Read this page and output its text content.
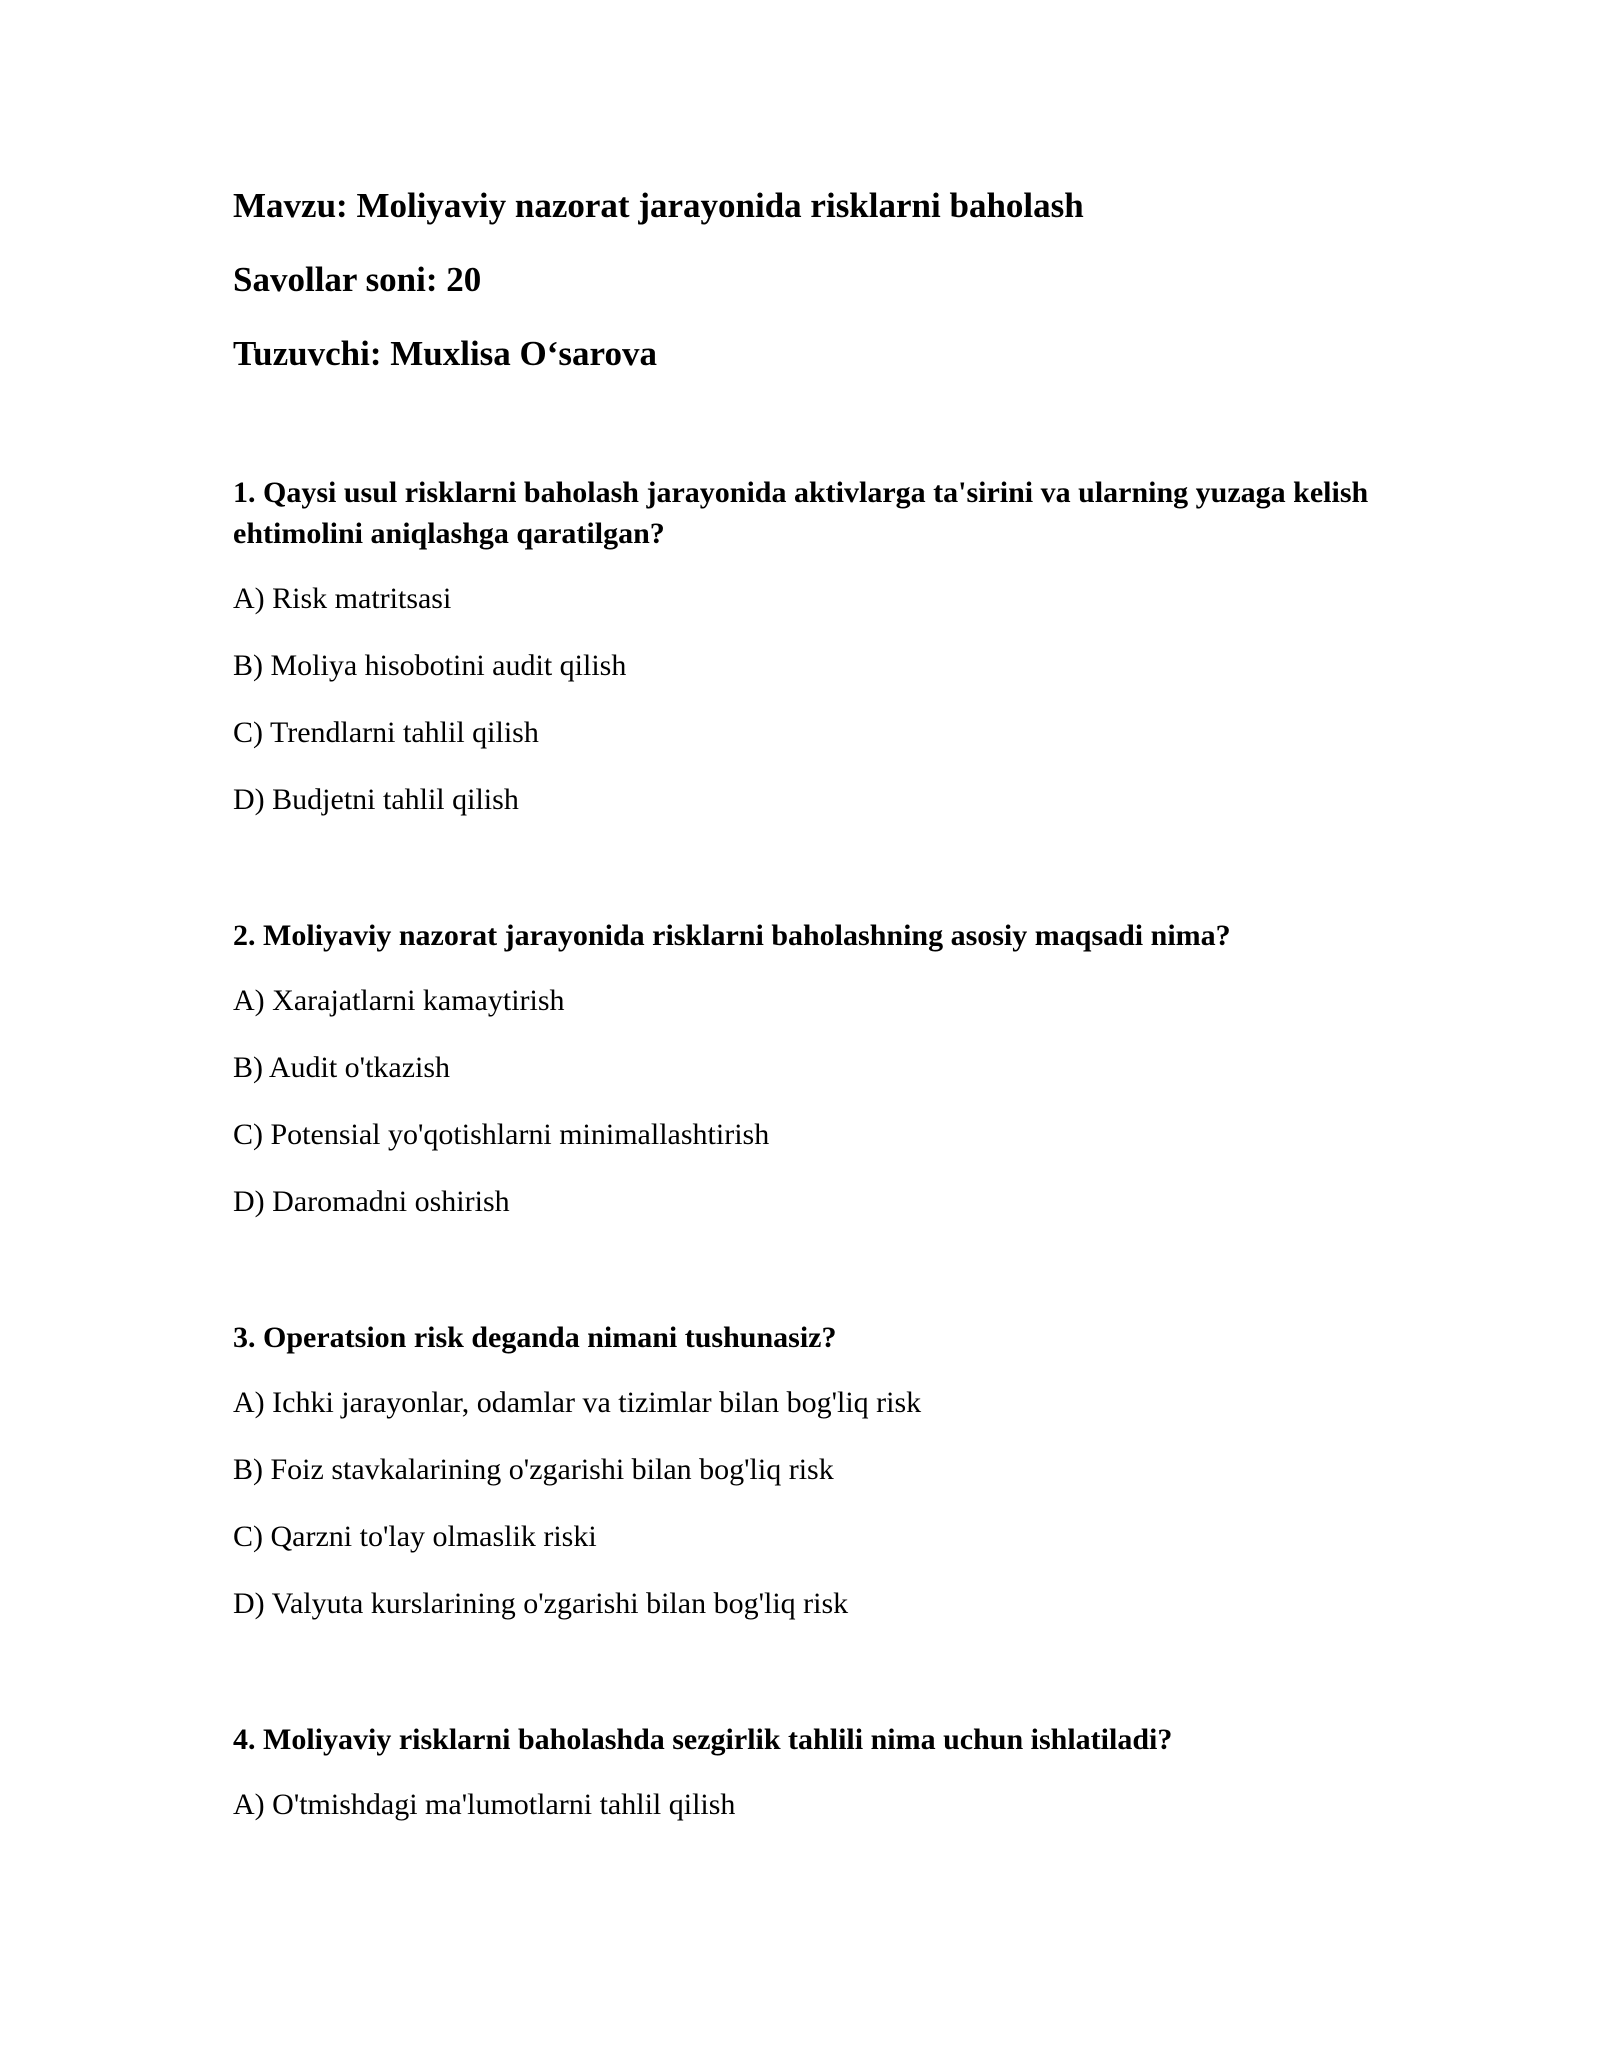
Mavzu: Moliyaviy nazorat jarayonida risklarni baholash
Savollar soni: 20
Tuzuvchi: Muxlisa O‘sarova
1. Qaysi usul risklarni baholash jarayonida aktivlarga ta'sirini va ularning yuzaga kelish ehtimolini aniqlashga qaratilgan?
A) Risk matritsasi
B) Moliya hisobotini audit qilish
C) Trendlarni tahlil qilish
D) Budjetni tahlil qilish
2. Moliyaviy nazorat jarayonida risklarni baholashning asosiy maqsadi nima?
A) Xarajatlarni kamaytirish
B) Audit o'tkazish
C) Potensial yo'qotishlarni minimallashtirish
D) Daromadni oshirish
3. Operatsion risk deganda nimani tushunasiz?
A) Ichki jarayonlar, odamlar va tizimlar bilan bog'liq risk
B) Foiz stavkalarining o'zgarishi bilan bog'liq risk
C) Qarzni to'lay olmaslik riski
D) Valyuta kurslarining o'zgarishi bilan bog'liq risk
4. Moliyaviy risklarni baholashda sezgirlik tahlili nima uchun ishlatiladi?
A) O'tmishdagi ma'lumotlarni tahlil qilish
